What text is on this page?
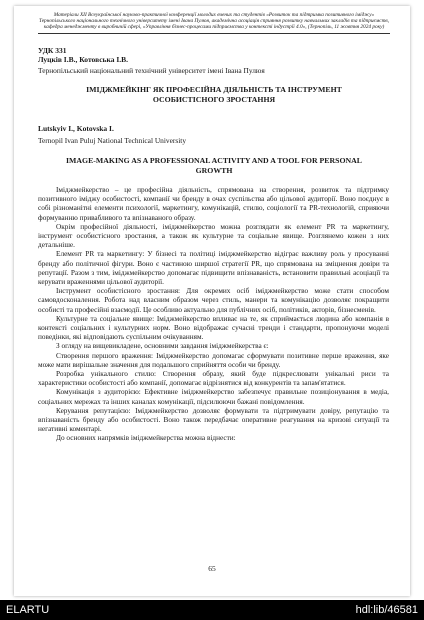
Матеріали XII Всеукраїнської науково-практичної конференції молодих вчених та студентів «Розвиток та підтримка позитивного іміджу» Тернопільського національного технічного університету імені Івана Пулюя, академічна асоціація сприяння розвитку навчальних закладів та підприємств, кафедра менеджменту в виробничій сфері, «Управління бізнес-процесами підприємства у контексті індустрії 4.0», (Тернопіль, 11 жовтня 2024 року)
УДК 331
Луцків І.В., Котовська І.В.
Тернопільський національний технічний університет імені Івана Пулюя
ІМІДЖМЕЙКІНГ ЯК ПРОФЕСІЙНА ДІЯЛЬНІСТЬ ТА ІНСТРУМЕНТ ОСОБИСТІСНОГО ЗРОСТАННЯ
Lutskyiv I., Kotovska I.
Ternopil Ivan Puluj National Technical University
IMAGE-MAKING AS A PROFESSIONAL ACTIVITY AND A TOOL FOR PERSONAL GROWTH

Іміджмейкерство – це професійна діяльність, спрямована на створення, розвиток та підтримку позитивного іміджу особистості, компанії чи бренду в очах суспільства або цільової аудиторії. Воно поєднує в собі різноманітні елементи психології, маркетингу, комунікацій, стилю, соціології та PR-технологій, сприяючи формуванню привабливого та впізнаваного образу.

Окрім професійної діяльності, іміджмейкерство можна розглядати як елемент PR та маркетингу, інструмент особистісного зростання, а також як культурне та соціальне явище. Розглянемо кожен з них детальніше.

Елемент PR та маркетингу: У бізнесі та політиці іміджмейкерство відіграє важливу роль у просуванні бренду або політичної фігури. Воно є частиною ширшої стратегії PR, що спрямована на зміцнення довіри та репутації. Разом з тим, іміджмейкерство допомагає підвищити впізнаваність, встановити правильні асоціації та керувати враженнями цільової аудиторії.

Інструмент особистісного зростання: Для окремих осіб іміджмейкерство може стати способом самовдосконалення. Робота над власним образом через стиль, манери та комунікацію дозволяє покращити особисті та професійні взаємодії. Це особливо актуально для публічних осіб, політиків, акторів, бізнесменів.

Культурне та соціальне явище: Іміджмейкерство впливає на те, як сприймається людина або компанія в контексті соціальних і культурних норм. Воно відображає сучасні тренди і стандарти, пропонуючи моделі поведінки, які відповідають суспільним очікуванням.

З огляду на вищевикладене, основними завдання іміджмейкерства є:

Створення першого враження: Іміджмейкерство допомагає сформувати позитивне перше враження, яке може мати вирішальне значення для подальшого сприйняття особи чи бренду.

Розробка унікального стилю: Створення образу, який буде підкреслювати унікальні риси та характеристики особистості або компанії, допомагає відрізнятися від конкурентів та запам'ятатися.

Комунікація з аудиторією: Ефективне іміджмейкерство забезпечує правильне позиціонування в медіа, соціальних мережах та інших каналах комунікації, підсилюючи бажані повідомлення.

Керування репутацією: Іміджмейкерство дозволяє формувати та підтримувати довіру, репутацію та впізнаваність бренду або особистості. Воно також передбачає оперативне реагування на кризові ситуації та негативні коментарі.

До основних напрямків іміджмейкерства можна віднести:

65
ELARTU	hdl:lib/46581
